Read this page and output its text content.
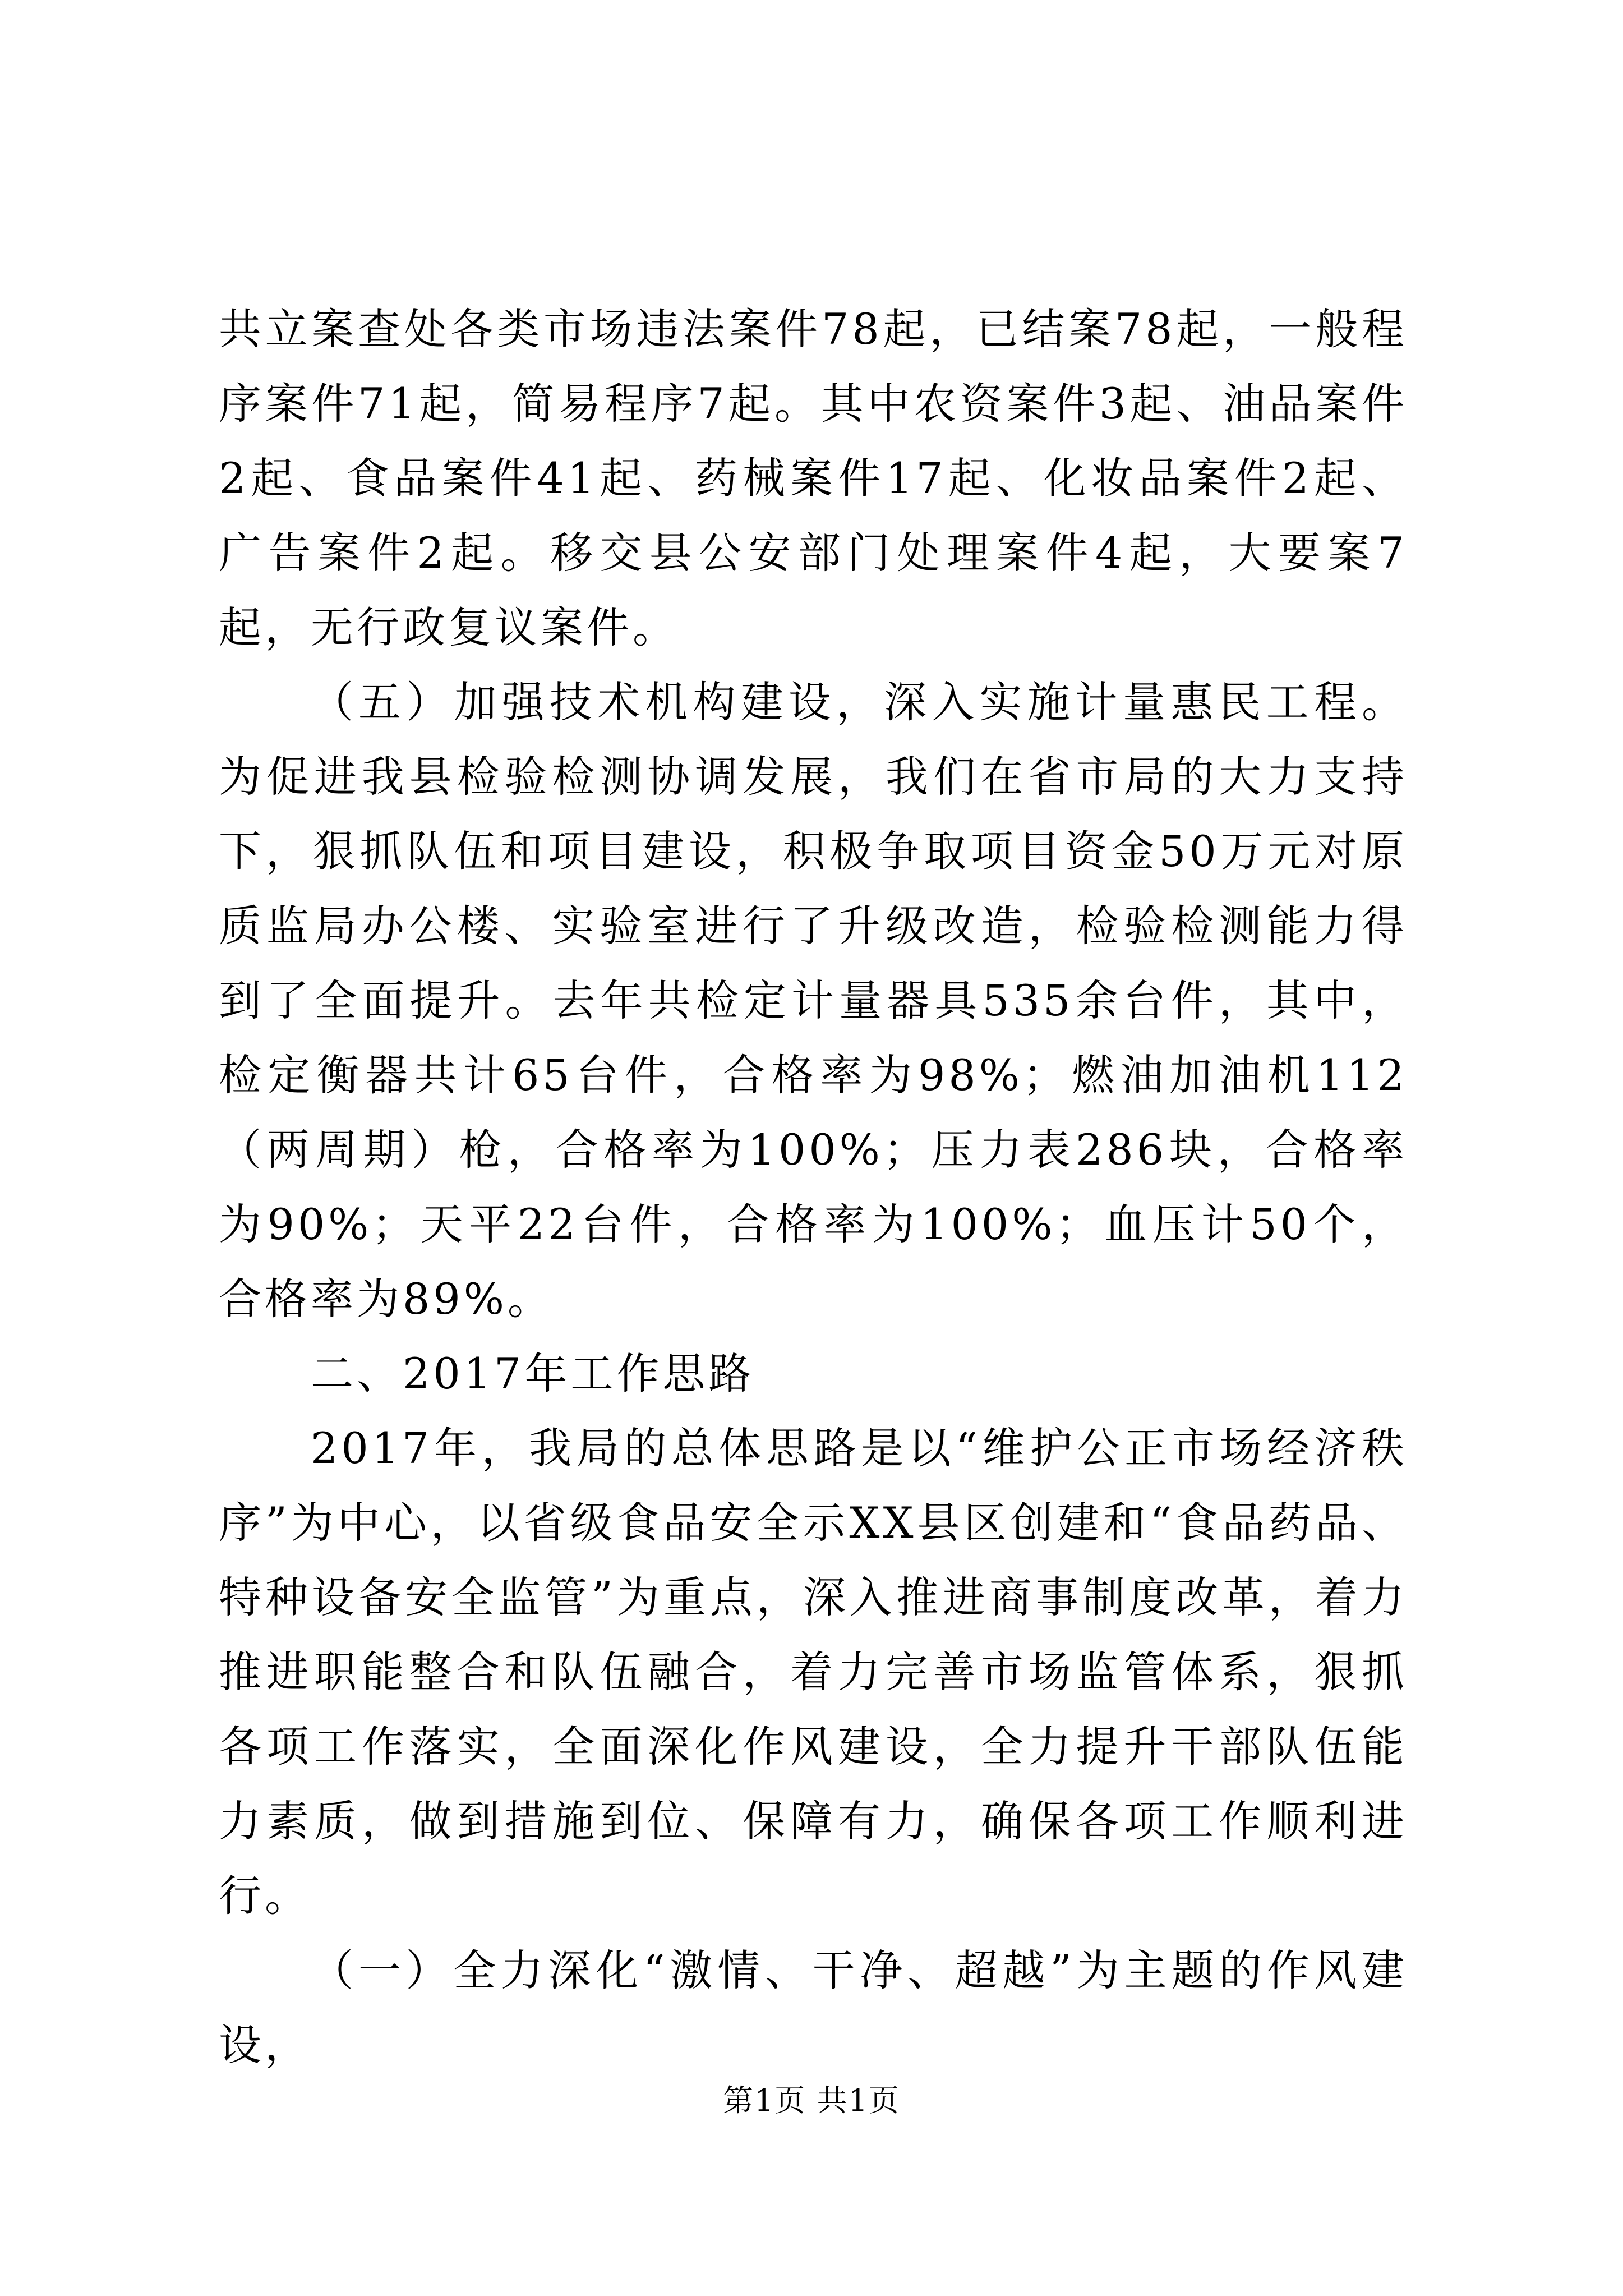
共立案查处各类市场违法案件78起，已结案78起，一般程序案件71起，简易程序7起。其中农资案件3起、油品案件2起、食品案件41起、药械案件17起、化妆品案件2起、广告案件2起。移交县公安部门处理案件4起，大要案7起，无行政复议案件。

（五）加强技术机构建设，深入实施计量惠民工程。为促进我县检验检测协调发展，我们在省市局的大力支持下，狠抓队伍和项目建设，积极争取项目资金50万元对原质监局办公楼、实验室进行了升级改造，检验检测能力得到了全面提升。去年共检定计量器具535余台件，其中，检定衡器共计65台件，合格率为98%；燃油加油机112（两周期）枪，合格率为100%；压力表286块，合格率为90%；天平22台件，合格率为100%；血压计50个，合格率为89%。

二、2017年工作思路

2017年，我局的总体思路是以“维护公正市场经济秩序”为中心，以省级食品安全示XX县区创建和“食品药品、特种设备安全监管”为重点，深入推进商事制度改革，着力推进职能整合和队伍融合，着力完善市场监管体系，狠抓各项工作落实，全面深化作风建设，全力提升干部队伍能力素质，做到措施到位、保障有力，确保各项工作顺利进行。

（一）全力深化“激情、干净、超越”为主题的作风建设，

第1页 共1页
